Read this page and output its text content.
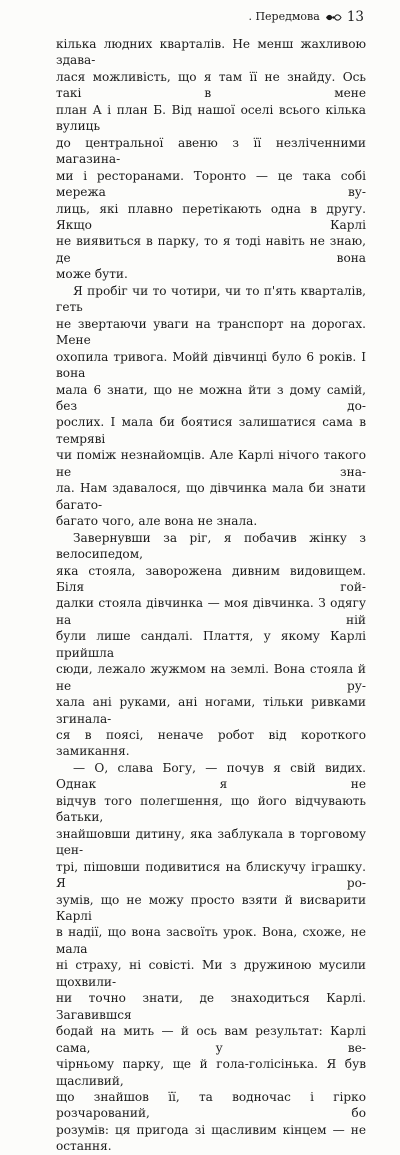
. Передмова 13

кілька людних кварталів. Не менш жахливою здава-

лася можливість, що я там її не знайду. Ось такі в мене

план А і план Б. Від нашої оселі всього кілька вулиць

до центральної авеню з її незліченними магазина-

ми і ресторанами. Торонто — це така собі мережа ву-

лиць, які плавно перетікають одна в другу. Якщо Карлі

не виявиться в парку, то я тоді навіть не знаю, де вона

може бути.

Я пробіг чи то чотири, чи то п'ять кварталів, геть

не звертаючи уваги на транспорт на дорогах. Мене

охопила тривога. Мойй дівчинці було 6 років. І вона

мала 6 знати, що не можна йти з дому самій, без до-

рослих. І мала би боятися залишатися сама в темряві

чи поміж незнайомців. Але Карлі нічого такого не зна-

ла. Нам здавалося, що дівчинка мала би знати багато-

багато чого, але вона не знала.

Завернувши за ріг, я побачив жінку з велосипедом,

яка стояла, заворожена дивним видовищем. Біля гой-

далки стояла дівчинка — моя дівчинка. З одягу на ній

були лише сандалі. Плаття, у якому Карлі прийшла

сюди, лежало жужмом на землі. Вона стояла й не ру-

хала ані руками, ані ногами, тільки ривками згинала-

ся в поясі, неначе робот від короткого замикання.

— О, слава Богу, — почув я свій видих. Однак я не

відчув того полегшення, що його відчувають батьки,

знайшовши дитину, яка заблукала в торговому цен-

трі, пішовши подивитися на блискучу іграшку. Я ро-

зумів, що не можу просто взяти й висварити Карлі

в надії, що вона засвоїть урок. Вона, схоже, не мала

ні страху, ні совісті. Ми з дружиною мусили щохвили-

ни точно знати, де знаходиться Карлі. Загавившся

бодай на мить — й ось вам результат: Карлі сама, у ве-

чірньому парку, ще й гола-голісінька. Я був щасливий,

що знайшов її, та водночас і гірко розчарований, бо

розумів: ця пригода зі щасливим кінцем — не остання.
